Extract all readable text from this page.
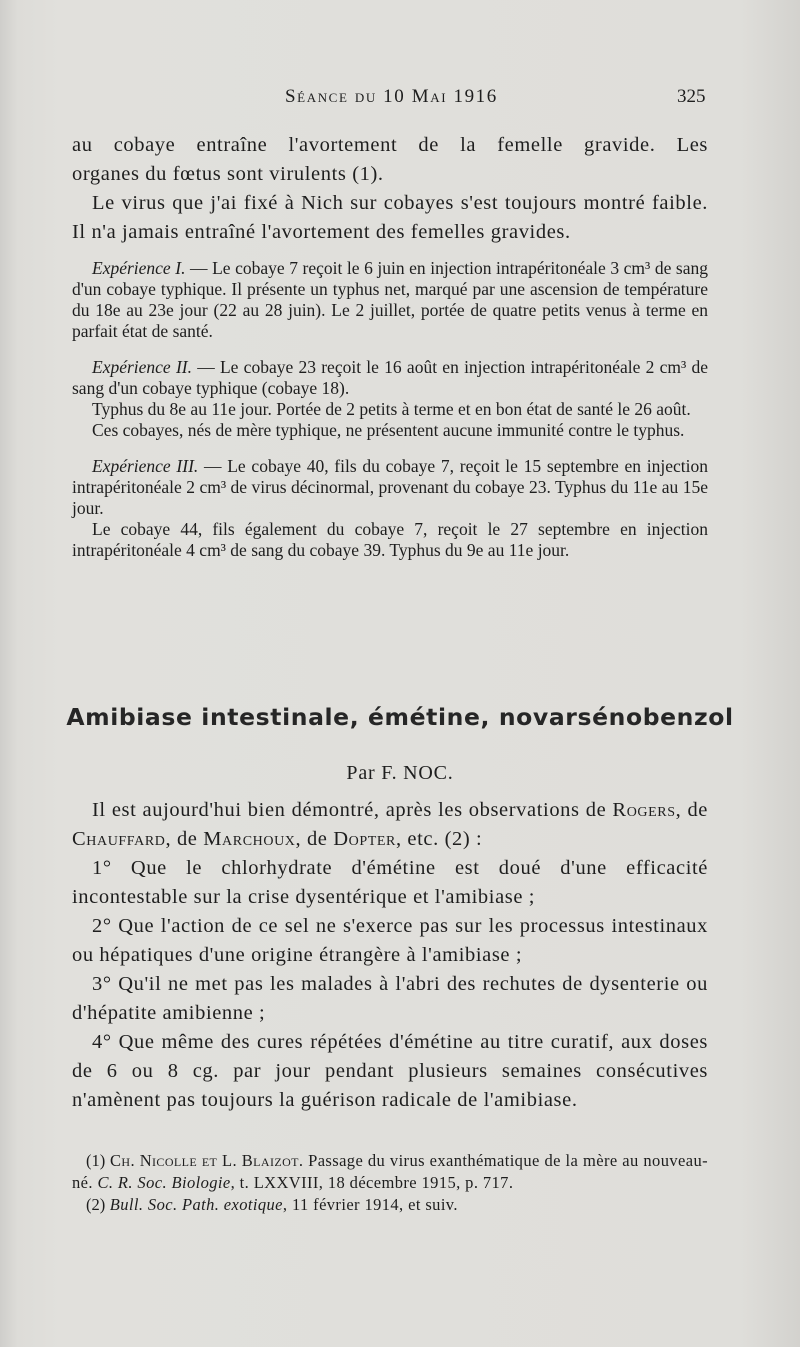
Séance du 10 Mai 1916	325

au cobaye entraîne l'avortement de la femelle gravide. Les

organes du fœtus sont virulents (1).

Le virus que j'ai fixé à Nich sur cobayes s'est toujours montré faible. Il n'a jamais entraîné l'avortement des femelles gravides.

Expérience I. — Le cobaye 7 reçoit le 6 juin en injection intrapéritonéale 3 cm³ de sang d'un cobaye typhique. Il présente un typhus net, marqué par une ascension de température du 18e au 23e jour (22 au 28 juin). Le 2 juillet, portée de quatre petits venus à terme en parfait état de santé.

Expérience II. — Le cobaye 23 reçoit le 16 août en injection intrapéritonéale 2 cm³ de sang d'un cobaye typhique (cobaye 18).

Typhus du 8e au 11e jour. Portée de 2 petits à terme et en bon état de santé le 26 août.

Ces cobayes, nés de mère typhique, ne présentent aucune immunité contre le typhus.

Expérience III. — Le cobaye 40, fils du cobaye 7, reçoit le 15 septembre en injection intrapéritonéale 2 cm³ de virus décinormal, provenant du cobaye 23. Typhus du 11e au 15e jour.

Le cobaye 44, fils également du cobaye 7, reçoit le 27 septembre en injection intrapéritonéale 4 cm³ de sang du cobaye 39. Typhus du 9e au 11e jour.

Amibiase intestinale, émétine, novarsénobenzol
Par F. NOC.

Il est aujourd'hui bien démontré, après les observations de Rogers, de Chauffard, de Marchoux, de Dopter, etc. (2) :

1° Que le chlorhydrate d'émétine est doué d'une efficacité incontestable sur la crise dysentérique et l'amibiase ;

2° Que l'action de ce sel ne s'exerce pas sur les processus intestinaux ou hépatiques d'une origine étrangère à l'amibiase ;

3° Qu'il ne met pas les malades à l'abri des rechutes de dysenterie ou d'hépatite amibienne ;

4° Que même des cures répétées d'émétine au titre curatif, aux doses de 6 ou 8 cg. par jour pendant plusieurs semaines consécutives n'amènent pas toujours la guérison radicale de l'amibiase.

(1) Ch. Nicolle et L. Blaizot. Passage du virus exanthématique de la mère au nouveau-né. C. R. Soc. Biologie, t. LXXVIII, 18 décembre 1915, p. 717.

(2) Bull. Soc. Path. exotique, 11 février 1914, et suiv.
